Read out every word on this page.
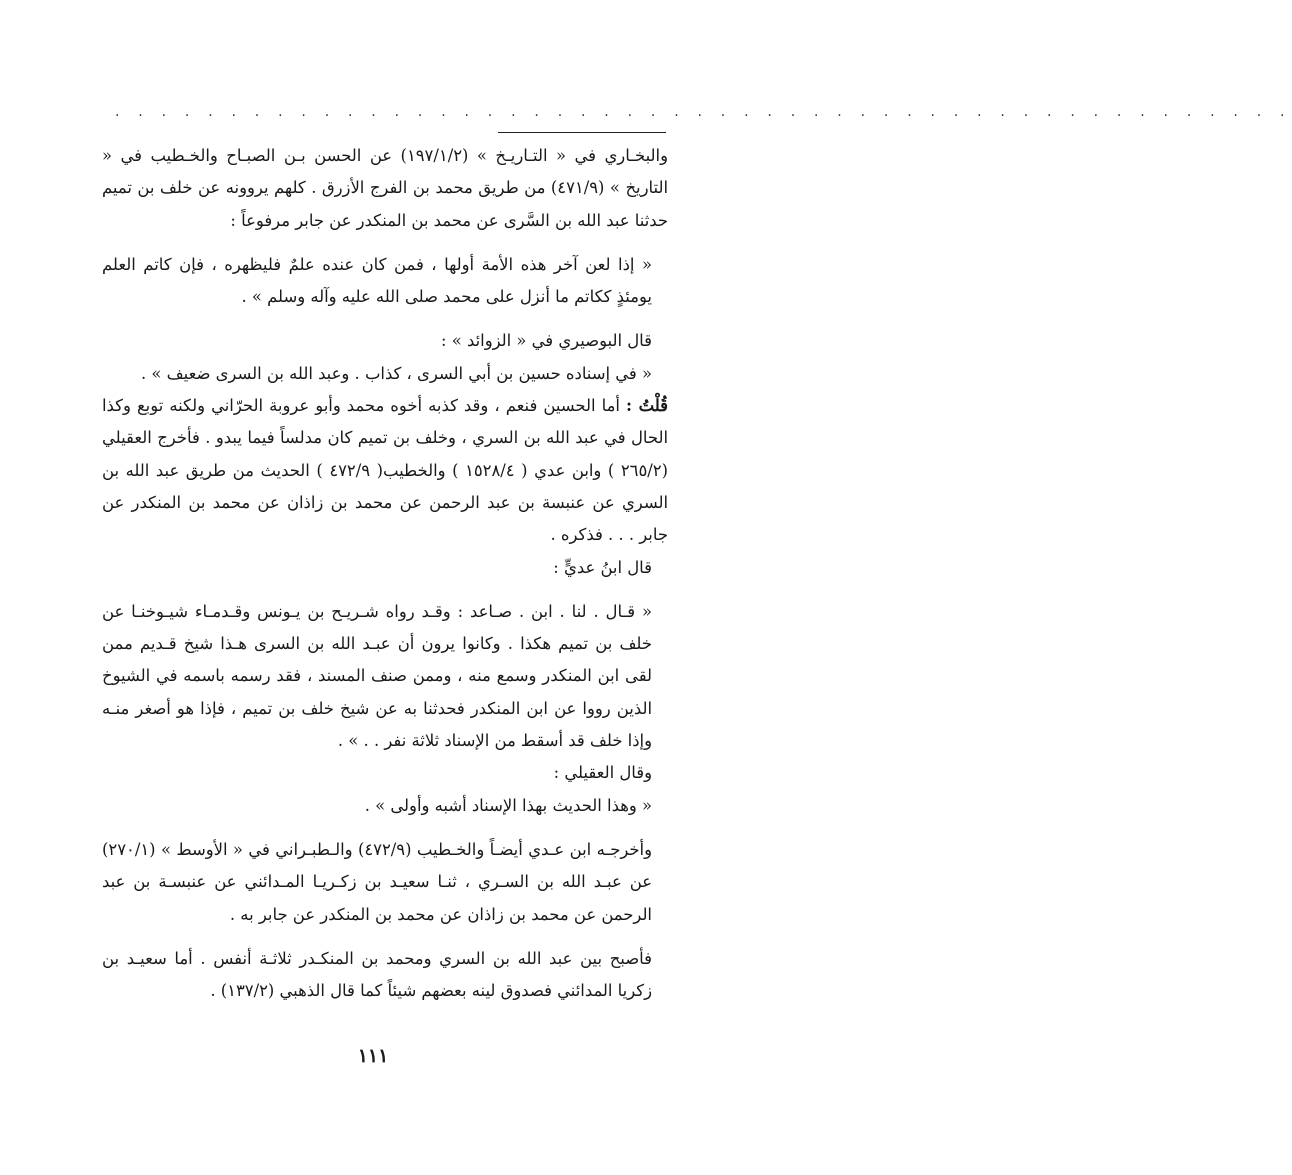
· · · · · · · · · · · · · · · · · · · · · · · · · · · · · · · · · · · · · · · · · · · · · · · · · · ·

والبخـاري في « التـاريـخ » (١٩٧/١/٢) عن الحسن بـن الصبـاح والخـطيب في « التاريخ » (٤٧١/٩) من طريق محمد بن الفرج الأزرق . كلهم يروونه عن خلف بن تميم حدثنا عبد الله بن السَّرى عن محمد بن المنكدر عن جابر مرفوعاً :

« إذا لعن آخر هذه الأمة أولها ، فمن كان عنده علمٌ فليظهره ، فإن كاتم العلم يومئذٍ ككاتم ما أنزل على محمد صلى الله عليه وآله وسلم » .

قال البوصيري في « الزوائد » :

« في إسناده حسين بن أبي السرى ، كذاب . وعبد الله بن السرى ضعيف » .

قُلْتُ : أما الحسين فنعم ، وقد كذبه أخوه محمد وأبو عروبة الحرّاني ولكنه توبع وكذا الحال في عبد الله بن السري ، وخلف بن تميم كان مدلساً فيما يبدو . فأخرج العقيلي (٢٦٥/٢ ) وابن عدي ( ١٥٢٨/٤ ) والخطيب( ٤٧٢/٩ ) الحديث من طريق عبد الله بن السري عن عنبسة بن عبد الرحمن عن محمد بن زاذان عن محمد بن المنكدر عن جابر . . . فذكره .

قال ابنُ عديٍّ :

« قـال . لنا . ابن . صـاعد : وقـد رواه شـريـح بن يـونس وقـدمـاء شيـوخنـا عن خلف بن تميم هكذا . وكانوا يرون أن عبـد الله بن السرى هـذا شيخ قـديم ممن لقى ابن المنكدر وسمع منه ، وممن صنف المسند ، فقد رسمه باسمه في الشيوخ الذين رووا عن ابن المنكدر فحدثنا به عن شيخ خلف بن تميم ، فإذا هو أصغر منـه وإذا خلف قد أسقط من الإسناد ثلاثة نفر . . » .

وقال العقيلي :

« وهذا الحديث بهذا الإسناد أشبه وأولى » .

وأخرجـه ابن عـدي أيضـاً والخـطيب (٤٧٢/٩) والـطبـراني في « الأوسط » (٢٧٠/١) عن عبـد الله بن السـري ، ثنـا سعيـد بن زكـريـا المـدائني عن عنبسـة بن عبد الرحمن عن محمد بن زاذان عن محمد بن المنكدر عن جابر به .

فأصبح بين عبد الله بن السري ومحمد بن المنكـدر ثلاثـة أنفس . أما سعيـد بن زكريا المدائني فصدوق لينه بعضهم شيئاً كما قال الذهبي (١٣٧/٢) .

١١١
